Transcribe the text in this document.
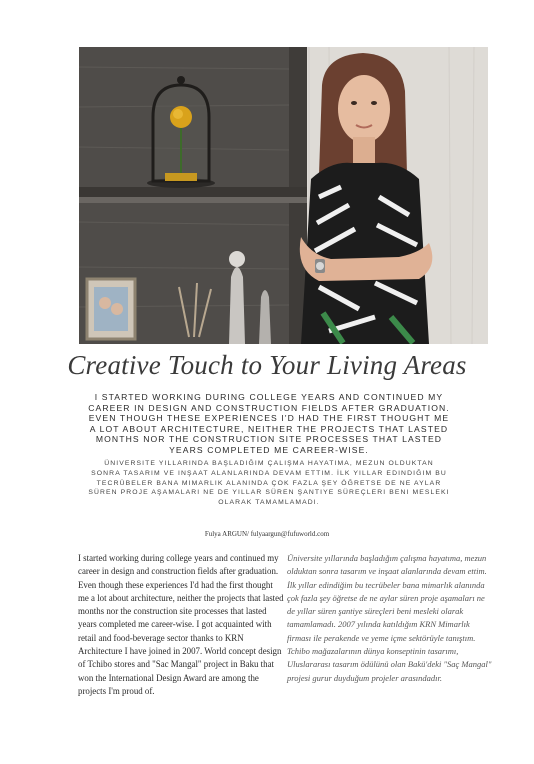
Creative Touch to Your Living Areas

I STARTED WORKING DURING COLLEGE YEARS AND CONTINUED MY CAREER IN DESIGN AND CONSTRUCTION FIELDS AFTER GRADUATION. EVEN THOUGH THESE EXPERIENCES I'D HAD THE FIRST THOUGHT ME A LOT ABOUT ARCHITECTURE, NEITHER THE PROJECTS THAT LASTED MONTHS NOR THE CONSTRUCTION SITE PROCESSES THAT LASTED YEARS COMPLETED ME CAREER-WISE.

ÜNIVERSITE YILLARINDA BAŞLADIĞIM ÇALIŞMA HAYATIMA, MEZUN OLDUKTAN SONRA TASARIM VE INŞAAT ALANLARINDA DEVAM ETTIM. İLK YILLAR EDINDIĞIM BU TECRÜBELER BANA MIMARLIK ALANINDA ÇOK FAZLA ŞEY ÖĞRETSE DE NE AYLAR SÜREN PROJE AŞAMALARI NE DE YILLAR SÜREN ŞANTIYE SÜREÇLERI BENI MESLEKI OLARAK TAMAMLAMADI.

Fulya ARGUN/ fulyaargun@fufuworld.com

I started working during college years and continued my career in design and construction fields after graduation. Even though these experiences I'd had the first thought me a lot about architecture, neither the projects that lasted months nor the construction site processes that lasted years completed me career-wise. I got acquainted with retail and food-beverage sector thanks to KRN Architecture I have joined in 2007. World concept design of Tchibo stores and "Sac Mangal" project in Baku that won the International Design Award are among the projects I'm proud of.

Üniversite yıllarında başladığım çalışma hayatıma, mezun olduktan sonra tasarım ve inşaat alanlarında devam ettim. İlk yıllar edindiğim bu tecrübeler bana mimarlık alanında çok fazla şey öğretse de ne aylar süren proje aşamaları ne de yıllar süren şantiye süreçleri beni mesleki olarak tamamlamadı. 2007 yılında katıldığım KRN Mimarlık firması ile perakende ve yeme içme sektörüyle tanıştım. Tchibo mağazalarının dünya konseptinin tasarımı, Uluslararası tasarım ödülünü olan Bakü'deki "Saç Mangal" projesi gurur duyduğum projeler arasındadır.
